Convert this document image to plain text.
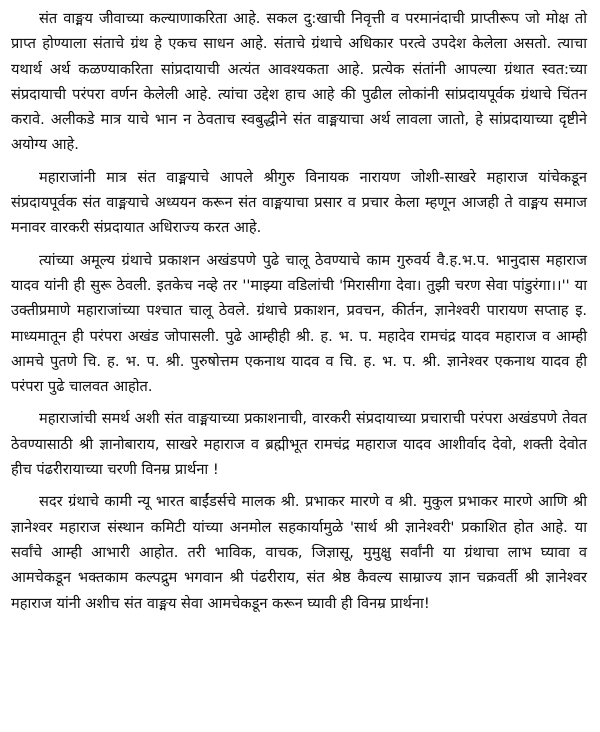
संत वाङ्मय जीवाच्या कल्याणाकरिता आहे. सकल दु:खाची निवृत्ती व परमानंदाची प्राप्तीरूप जो मोक्ष तो प्राप्त होण्याला संताचे ग्रंथ हे एकच साधन आहे. संताचे ग्रंथाचे अधिकार परत्वे उपदेश केलेला असतो. त्याचा यथार्थ अर्थ कळण्याकरिता सांप्रदायाची अत्यंत आवश्यकता आहे. प्रत्येक संतांनी आपल्या ग्रंथात स्वत:च्या संप्रदायाची परंपरा वर्णन केलेली आहे. त्यांचा उद्देश हाच आहे की पुढील लोकांनी सांप्रदायपूर्वक ग्रंथाचे चिंतन करावे. अलीकडे मात्र याचे भान न ठेवताच स्वबुद्धीने संत वाङ्मयाचा अर्थ लावला जातो, हे सांप्रदायाच्या दृष्टीने अयोग्य आहे.

महाराजांनी मात्र संत वाङ्मयाचे आपले श्रीगुरु विनायक नारायण जोशी-साखरे महाराज यांचेकडून संप्रदायपूर्वक संत वाङ्मयाचे अध्ययन करून संत वाङ्मयाचा प्रसार व प्रचार केला म्हणून आजही ते वाङ्मय समाज मनावर वारकरी संप्रदायात अधिराज्य करत आहे.

त्यांच्या अमूल्य ग्रंथाचे प्रकाशन अखंडपणे पुढे चालू ठेवण्याचे काम गुरुवर्य वै.ह.भ.प. भानुदास महाराज यादव यांनी ही सुरू ठेवली. इतकेच नव्हे तर ''माझ्या वडिलांची 'मिरासीगा देवा। तुझी चरण सेवा पांडुरंगा।।'' या उक्तीप्रमाणे महाराजांच्या पश्चात चालू ठेवले. ग्रंथाचे प्रकाशन, प्रवचन, कीर्तन, ज्ञानेश्वरी पारायण सप्ताह इ. माध्यमातून ही परंपरा अखंड जोपासली. पुढे आम्हीही श्री. ह. भ. प. महादेव रामचंद्र यादव महाराज व आम्ही आमचे पुतणे चि. ह. भ. प. श्री. पुरुषोत्तम एकनाथ यादव व चि. ह. भ. प. श्री. ज्ञानेश्वर एकनाथ यादव ही परंपरा पुढे चालवत आहोत.

महाराजांची समर्थ अशी संत वाङ्मयाच्या प्रकाशनाची, वारकरी संप्रदायाच्या प्रचाराची परंपरा अखंडपणे तेवत ठेवण्यासाठी श्री ज्ञानोबाराय, साखरे महाराज व ब्रह्मीभूत रामचंद्र महाराज यादव आशीर्वाद देवो, शक्ती देवोत हीच पंढरीरायाच्या चरणी विनम्र प्रार्थना !

सदर ग्रंथाचे कामी न्यू भारत बाईंडर्सचे मालक श्री. प्रभाकर मारणे व श्री. मुकुल प्रभाकर मारणे आणि श्री ज्ञानेश्वर महाराज संस्थान कमिटी यांच्या अनमोल सहकार्यामुळे 'सार्थ श्री ज्ञानेश्वरी' प्रकाशित होत आहे. या सर्वांचे आम्ही आभारी आहोत. तरी भाविक, वाचक, जिज्ञासू, मुमुक्षु सर्वांनी या ग्रंथाचा लाभ घ्यावा व आमचेकडून भक्तकाम कल्पद्रुम भगवान श्री पंढरीराय, संत श्रेष्ठ कैवल्य साम्राज्य ज्ञान चक्रवर्ती श्री ज्ञानेश्वर महाराज यांनी अशीच संत वाङ्मय सेवा आमचेकडून करून घ्यावी ही विनम्र प्रार्थना!
